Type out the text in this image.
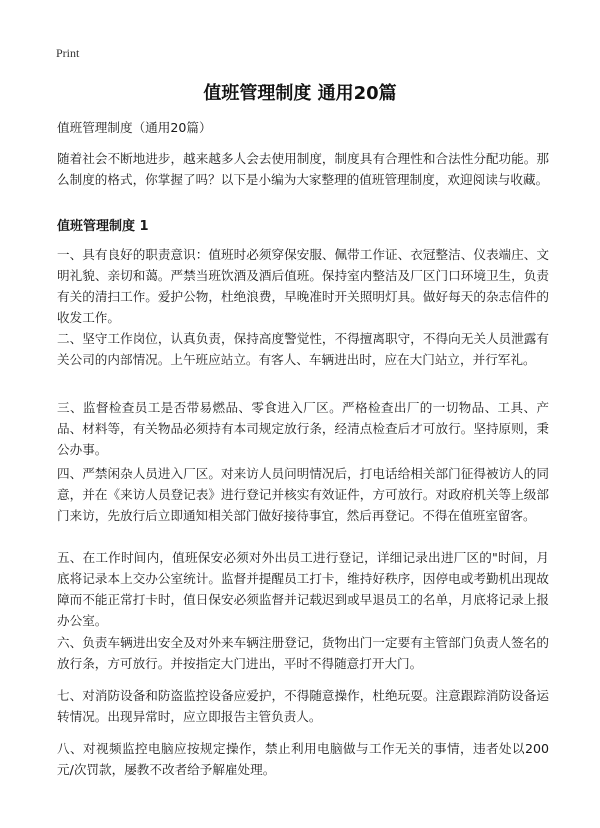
Print
值班管理制度 通用20篇
值班管理制度（通用20篇）
随着社会不断地进步，越来越多人会去使用制度，制度具有合理性和合法性分配功能。那么制度的格式，你掌握了吗？以下是小编为大家整理的值班管理制度，欢迎阅读与收藏。
值班管理制度 1
一、具有良好的职责意识：值班时必须穿保安服、佩带工作证、衣冠整洁、仪表端庄、文明礼貌、亲切和蔼。严禁当班饮酒及酒后值班。保持室内整洁及厂区门口环境卫生，负责有关的清扫工作。爱护公物，杜绝浪费，早晚准时开关照明灯具。做好每天的杂志信件的收发工作。
二、坚守工作岗位，认真负责，保持高度警觉性，不得擅离职守，不得向无关人员泄露有关公司的内部情况。上午班应站立。有客人、车辆进出时，应在大门站立，并行军礼。
三、监督检查员工是否带易燃品、零食进入厂区。严格检查出厂的一切物品、工具、产品、材料等，有关物品必须持有本司规定放行条，经清点检查后才可放行。坚持原则，秉公办事。
四、严禁闲杂人员进入厂区。对来访人员问明情况后，打电话给相关部门征得被访人的同意，并在《来访人员登记表》进行登记并核实有效证件，方可放行。对政府机关等上级部门来访，先放行后立即通知相关部门做好接待事宜，然后再登记。不得在值班室留客。
五、在工作时间内，值班保安必须对外出员工进行登记，详细记录出进厂区的"时间，月底将记录本上交办公室统计。监督并提醒员工打卡，维持好秩序，因停电或考勤机出现故障而不能正常打卡时，值日保安必须监督并记载迟到或早退员工的名单，月底将记录上报办公室。
六、负责车辆进出安全及对外来车辆注册登记，货物出门一定要有主管部门负责人签名的放行条，方可放行。并按指定大门进出，平时不得随意打开大门。
七、对消防设备和防盗监控设备应爱护，不得随意操作，杜绝玩耍。注意跟踪消防设备运转情况。出现异常时，应立即报告主管负责人。
八、对视频监控电脑应按规定操作，禁止利用电脑做与工作无关的事情，违者处以200元/次罚款，屡教不改者给予解雇处理。
